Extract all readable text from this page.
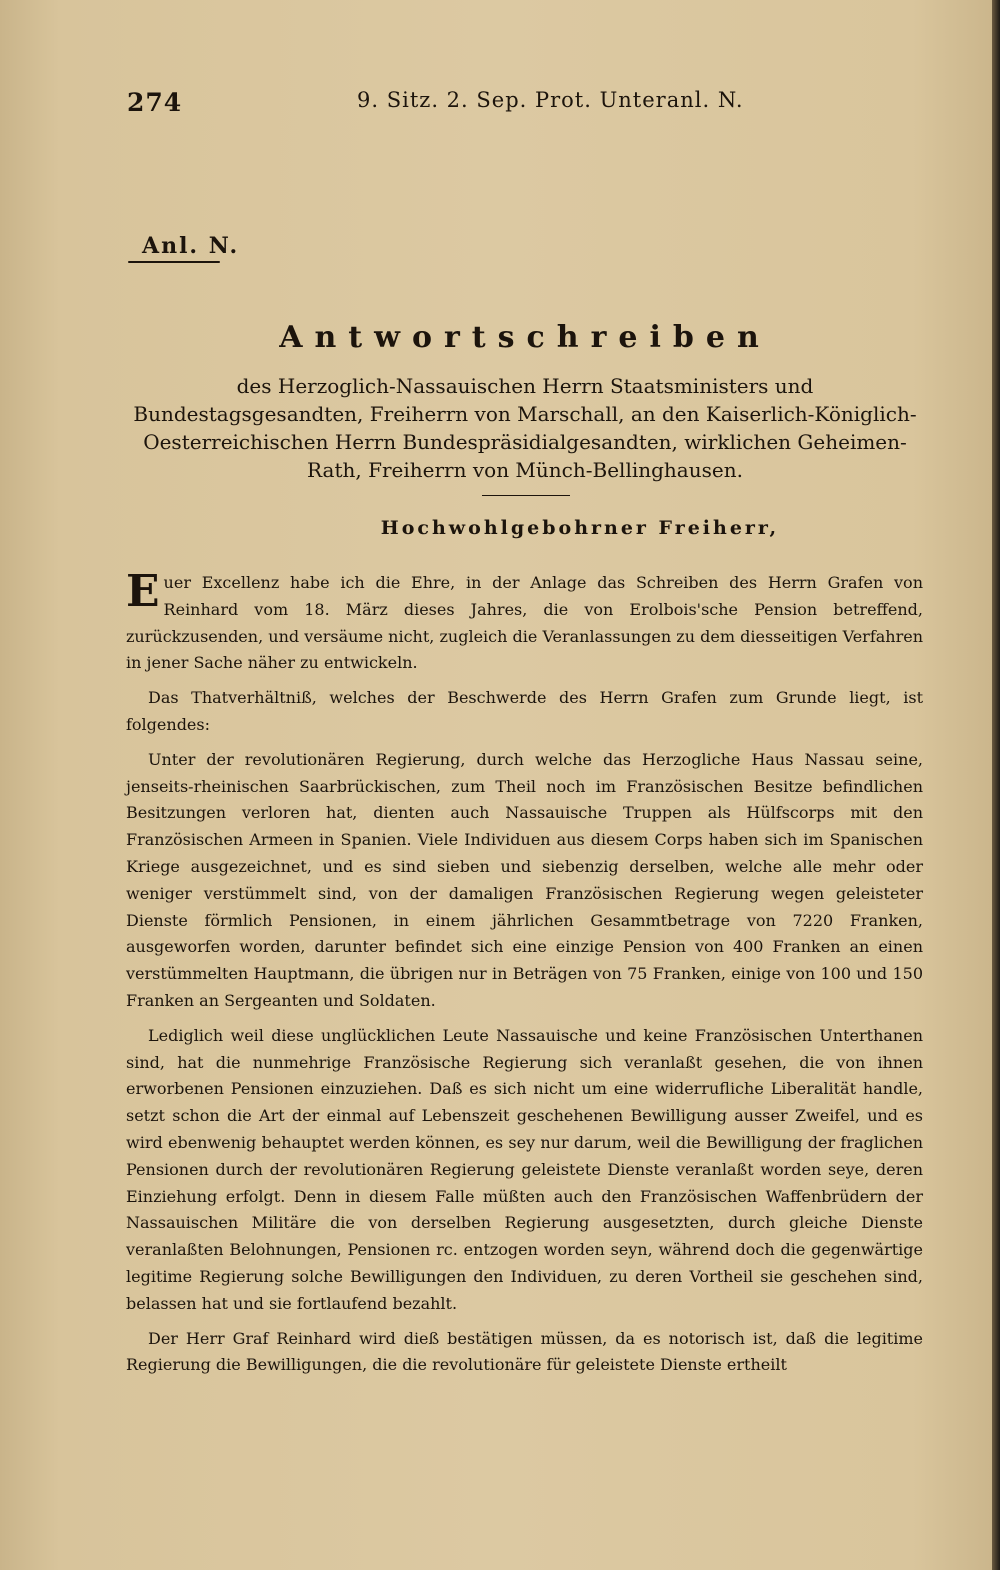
274	9. Sitz. 2. Sep. Prot. Unteranl. N.
Anl. N.
Antwortschreiben
des Herzoglich-Nassauischen Herrn Staatsministers und Bundestagsgesandten, Freiherrn von Marschall, an den Kaiserlich-Königlich-Oesterreichischen Herrn Bundespräsidialgesandten, wirklichen Geheimen-Rath, Freiherrn von Münch-Bellinghausen.
Hochwohlgebohrner Freiherr,

Euer Excellenz habe ich die Ehre, in der Anlage das Schreiben des Herrn Grafen von Reinhard vom 18. März dieses Jahres, die von Erolbois'sche Pension betreffend, zurückzusenden, und versäume nicht, zugleich die Veranlassungen zu dem diesseitigen Verfahren in jener Sache näher zu entwickeln.

Das Thatverhältniß, welches der Beschwerde des Herrn Grafen zum Grunde liegt, ist folgendes:

Unter der revolutionären Regierung, durch welche das Herzogliche Haus Nassau seine, jenseits-rheinischen Saarbrückischen, zum Theil noch im Französischen Besitze befindlichen Besitzungen verloren hat, dienten auch Nassauische Truppen als Hülfscorps mit den Französischen Armeen in Spanien. Viele Individuen aus diesem Corps haben sich im Spanischen Kriege ausgezeichnet, und es sind sieben und siebenzig derselben, welche alle mehr oder weniger verstümmelt sind, von der damaligen Französischen Regierung wegen geleisteter Dienste förmlich Pensionen, in einem jährlichen Gesammtbetrage von 7220 Franken, ausgeworfen worden, darunter befindet sich eine einzige Pension von 400 Franken an einen verstümmelten Hauptmann, die übrigen nur in Beträgen von 75 Franken, einige von 100 und 150 Franken an Sergeanten und Soldaten.

Lediglich weil diese unglücklichen Leute Nassauische und keine Französischen Unterthanen sind, hat die nunmehrige Französische Regierung sich veranlaßt gesehen, die von ihnen erworbenen Pensionen einzuziehen. Daß es sich nicht um eine widerrufliche Liberalität handle, setzt schon die Art der einmal auf Lebenszeit geschehenen Bewilligung ausser Zweifel, und es wird ebenwenig behauptet werden können, es sey nur darum, weil die Bewilligung der fraglichen Pensionen durch der revolutionären Regierung geleistete Dienste veranlaßt worden seye, deren Einziehung erfolgt. Denn in diesem Falle müßten auch den Französischen Waffenbrüdern der Nassauischen Militäre die von derselben Regierung ausgesetzten, durch gleiche Dienste veranlaßten Belohnungen, Pensionen rc. entzogen worden seyn, während doch die gegenwärtige legitime Regierung solche Bewilligungen den Individuen, zu deren Vortheil sie geschehen sind, belassen hat und sie fortlaufend bezahlt.

Der Herr Graf Reinhard wird dieß bestätigen müssen, da es notorisch ist, daß die legitime Regierung die Bewilligungen, die die revolutionäre für geleistete Dienste ertheilt
